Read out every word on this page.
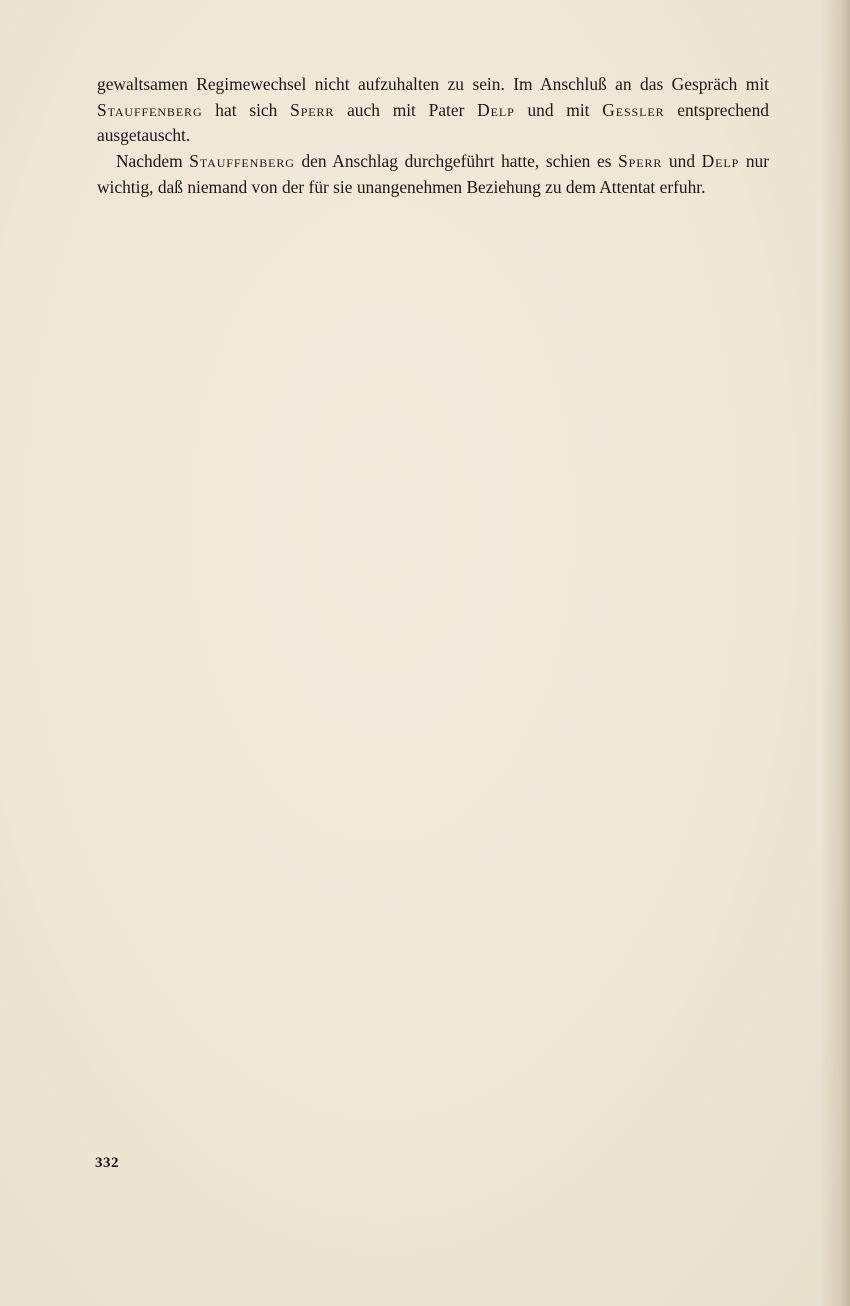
gewaltsamen Regimewechsel nicht aufzuhalten zu sein. Im Anschluß an das Gespräch mit Stauffenberg hat sich Sperr auch mit Pater Delp und mit Gessler entsprechend ausgetauscht.

Nachdem Stauffenberg den Anschlag durchgeführt hatte, schien es Sperr und Delp nur wichtig, daß niemand von der für sie unangenehmen Beziehung zu dem Attentat erfuhr.

332
